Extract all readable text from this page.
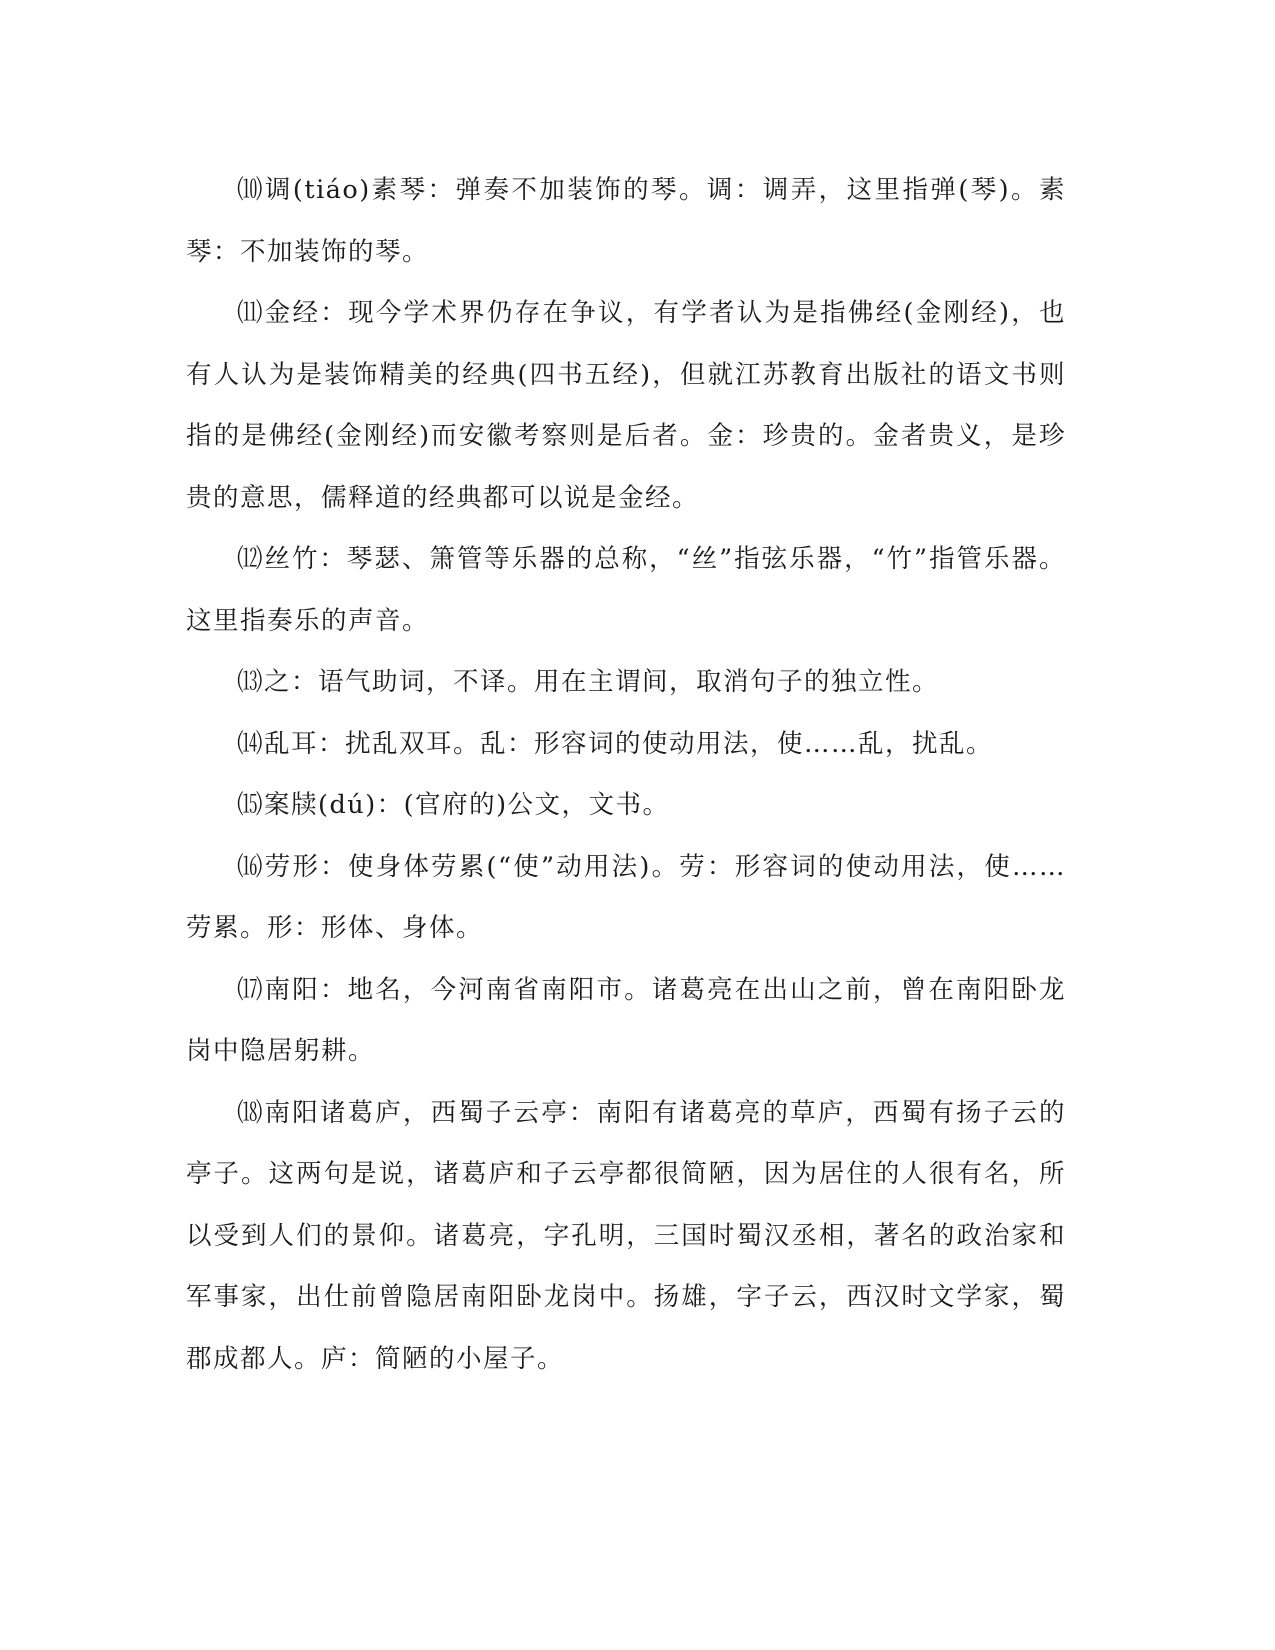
⑽调(tiáo)素琴：弹奏不加装饰的琴。调：调弄，这里指弹(琴)。素琴：不加装饰的琴。

⑾金经：现今学术界仍存在争议，有学者认为是指佛经(金刚经)，也有人认为是装饰精美的经典(四书五经)，但就江苏教育出版社的语文书则指的是佛经(金刚经)而安徽考察则是后者。金：珍贵的。金者贵义，是珍贵的意思，儒释道的经典都可以说是金经。

⑿丝竹：琴瑟、箫管等乐器的总称，“丝”指弦乐器，“竹”指管乐器。这里指奏乐的声音。

⒀之：语气助词，不译。用在主谓间，取消句子的独立性。

⒁乱耳：扰乱双耳。乱：形容词的使动用法，使……乱，扰乱。

⒂案牍(dú)：(官府的)公文，文书。

⒃劳形：使身体劳累(“使”动用法)。劳：形容词的使动用法，使……劳累。形：形体、身体。

⒄南阳：地名，今河南省南阳市。诸葛亮在出山之前，曾在南阳卧龙岗中隐居躬耕。

⒅南阳诸葛庐，西蜀子云亭：南阳有诸葛亮的草庐，西蜀有扬子云的亭子。这两句是说，诸葛庐和子云亭都很简陋，因为居住的人很有名，所以受到人们的景仰。诸葛亮，字孔明，三国时蜀汉丞相，著名的政治家和军事家，出仕前曾隐居南阳卧龙岗中。扬雄，字子云，西汉时文学家，蜀郡成都人。庐：简陋的小屋子。
